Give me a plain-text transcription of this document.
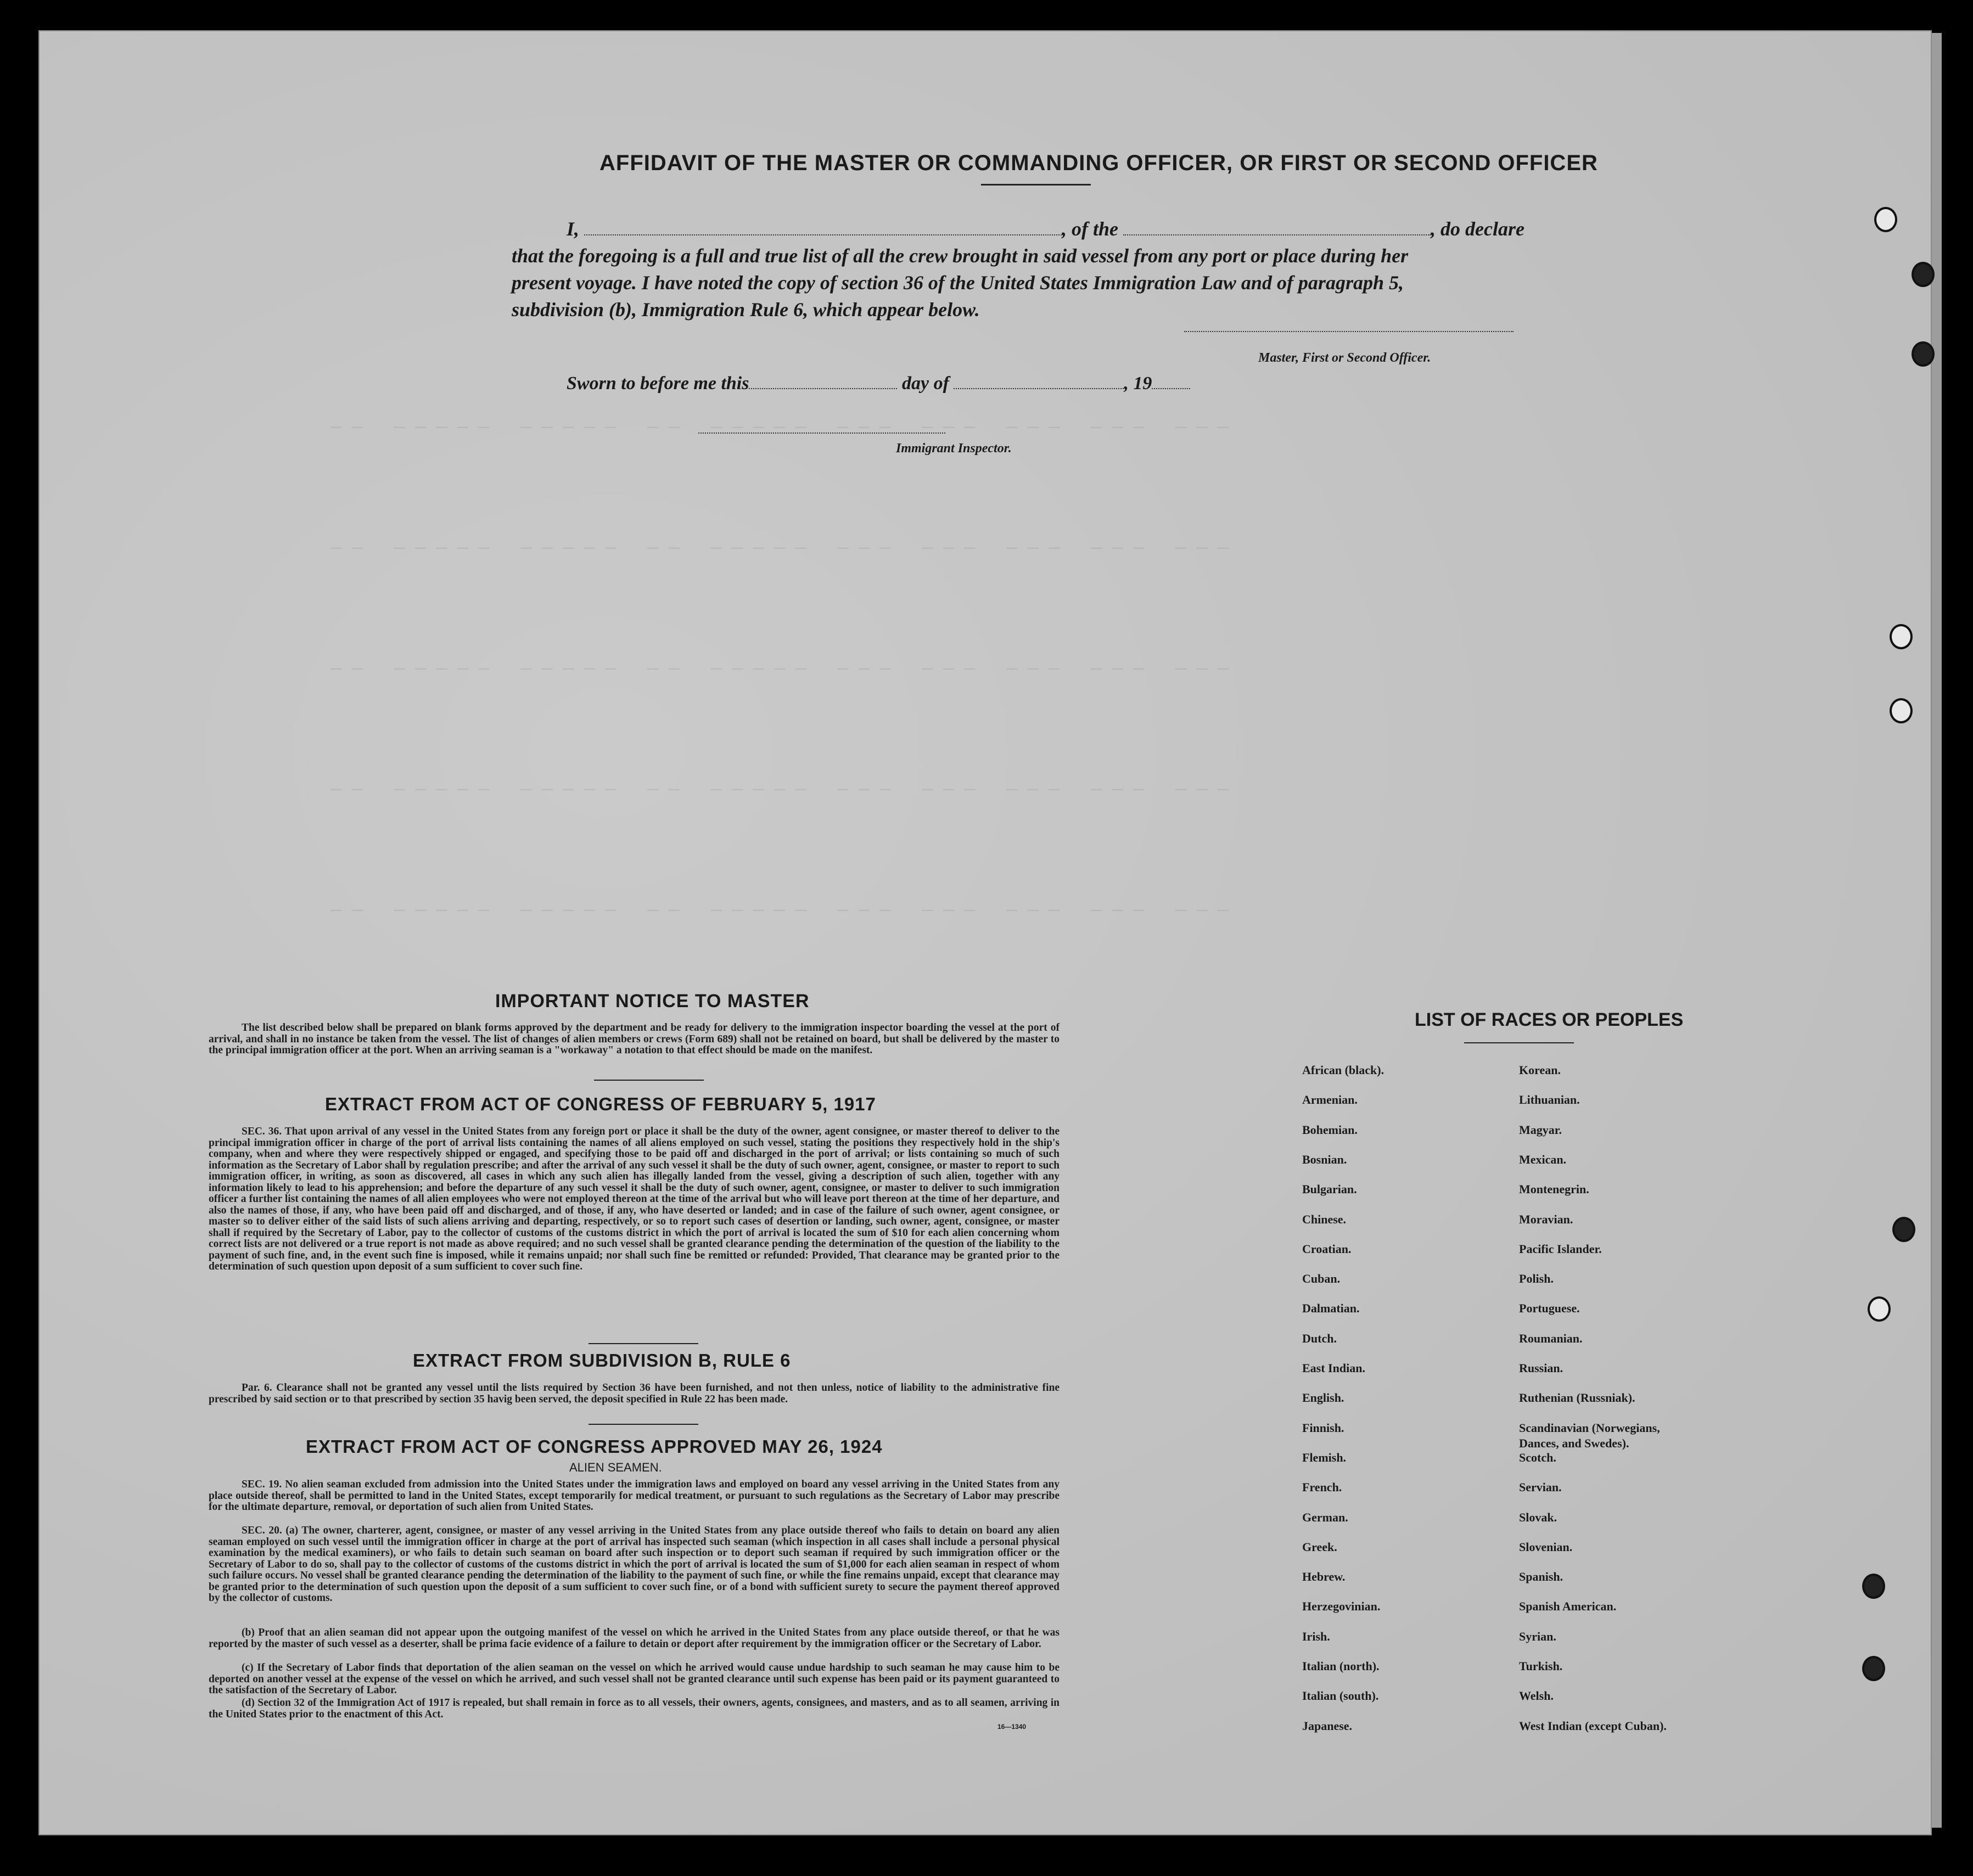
—— ————— ————— —— ————— ——— ——— ——— ——— ———
—— ————— ————— —— ————— ——— ——— ——— ——— ———
—— ————— ————— —— ————— ——— ——— ——— ——— ———
—— ————— ————— —— ————— ——— ——— ——— ——— ———
—— ————— ————— —— ————— ——— ——— ——— ——— ———
AFFIDAVIT OF THE MASTER OR COMMANDING OFFICER, OR FIRST OR SECOND OFFICER
I,	, of the	, do declare
that the foregoing is a full and true list of all the crew brought in said vessel from any port or place during her
present voyage. I have noted the copy of section 36 of the United States Immigration Law and of paragraph 5,
subdivision (b), Immigration Rule 6, which appear below.
Master, First or Second Officer.
Sworn to before me this	day of	, 19
Immigrant Inspector.
IMPORTANT NOTICE TO MASTER
The list described below shall be prepared on blank forms approved by the department and be ready for delivery to the immigration inspector boarding the vessel at the port of arrival, and shall in no instance be taken from the vessel. The list of changes of alien members or crews (Form 689) shall not be retained on board, but shall be delivered by the master to the principal immigration officer at the port. When an arriving seaman is a "workaway" a notation to that effect should be made on the manifest.
EXTRACT FROM ACT OF CONGRESS OF FEBRUARY 5, 1917
SEC. 36. That upon arrival of any vessel in the United States from any foreign port or place it shall be the duty of the owner, agent consignee, or master thereof to deliver to the principal immigration officer in charge of the port of arrival lists containing the names of all aliens employed on such vessel, stating the positions they respectively hold in the ship's company, when and where they were respectively shipped or engaged, and specifying those to be paid off and discharged in the port of arrival; or lists containing so much of such information as the Secretary of Labor shall by regulation prescribe; and after the arrival of any such vessel it shall be the duty of such owner, agent, consignee, or master to report to such immigration officer, in writing, as soon as discovered, all cases in which any such alien has illegally landed from the vessel, giving a description of such alien, together with any information likely to lead to his apprehension; and before the departure of any such vessel it shall be the duty of such owner, agent, consignee, or master to deliver to such immigration officer a further list containing the names of all alien employees who were not employed thereon at the time of the arrival but who will leave port thereon at the time of her departure, and also the names of those, if any, who have been paid off and discharged, and of those, if any, who have deserted or landed; and in case of the failure of such owner, agent consignee, or master so to deliver either of the said lists of such aliens arriving and departing, respectively, or so to report such cases of desertion or landing, such owner, agent, consignee, or master shall if required by the Secretary of Labor, pay to the collector of customs of the customs district in which the port of arrival is located the sum of $10 for each alien concerning whom correct lists are not delivered or a true report is not made as above required; and no such vessel shall be granted clearance pending the determination of the question of the liability to the payment of such fine, and, in the event such fine is imposed, while it remains unpaid; nor shall such fine be remitted or refunded: Provided, That clearance may be granted prior to the determination of such question upon deposit of a sum sufficient to cover such fine.
EXTRACT FROM SUBDIVISION B, RULE 6
Par. 6. Clearance shall not be granted any vessel until the lists required by Section 36 have been furnished, and not then unless, notice of liability to the administrative fine prescribed by said section or to that prescribed by section 35 havig been served, the deposit specified in Rule 22 has been made.
EXTRACT FROM ACT OF CONGRESS APPROVED MAY 26, 1924
ALIEN SEAMEN.
SEC. 19. No alien seaman excluded from admission into the United States under the immigration laws and employed on board any vessel arriving in the United States from any place outside thereof, shall be permitted to land in the United States, except temporarily for medical treatment, or pursuant to such regulations as the Secretary of Labor may prescribe for the ultimate departure, removal, or deportation of such alien from United States.
SEC. 20. (a) The owner, charterer, agent, consignee, or master of any vessel arriving in the United States from any place outside thereof who fails to detain on board any alien seaman employed on such vessel until the immigration officer in charge at the port of arrival has inspected such seaman (which inspection in all cases shall include a personal physical examination by the medical examiners), or who fails to detain such seaman on board after such inspection or to deport such seaman if required by such immigration officer or the Secretary of Labor to do so, shall pay to the collector of customs of the customs district in which the port of arrival is located the sum of $1,000 for each alien seaman in respect of whom such failure occurs. No vessel shall be granted clearance pending the determination of the liability to the payment of such fine, or while the fine remains unpaid, except that clearance may be granted prior to the determination of such question upon the deposit of a sum sufficient to cover such fine, or of a bond with sufficient surety to secure the payment thereof approved by the collector of customs.
(b) Proof that an alien seaman did not appear upon the outgoing manifest of the vessel on which he arrived in the United States from any place outside thereof, or that he was reported by the master of such vessel as a deserter, shall be prima facie evidence of a failure to detain or deport after requirement by the immigration officer or the Secretary of Labor.
(c) If the Secretary of Labor finds that deportation of the alien seaman on the vessel on which he arrived would cause undue hardship to such seaman he may cause him to be deported on another vessel at the expense of the vessel on which he arrived, and such vessel shall not be granted clearance until such expense has been paid or its payment guaranteed to the satisfaction of the Secretary of Labor.
(d) Section 32 of the Immigration Act of 1917 is repealed, but shall remain in force as to all vessels, their owners, agents, consignees, and masters, and as to all seamen, arriving in the United States prior to the enactment of this Act.
16—1340
LIST OF RACES OR PEOPLES
African (black).
Armenian.
Bohemian.
Bosnian.
Bulgarian.
Chinese.
Croatian.
Cuban.
Dalmatian.
Dutch.
East Indian.
English.
Finnish.
Flemish.
French.
German.
Greek.
Hebrew.
Herzegovinian.
Irish.
Italian (north).
Italian (south).
Japanese.
Korean.
Lithuanian.
Magyar.
Mexican.
Montenegrin.
Moravian.
Pacific Islander.
Polish.
Portuguese.
Roumanian.
Russian.
Ruthenian (Russniak).
Scandinavian (Norwegians,
Dances, and Swedes).
Scotch.
Servian.
Slovak.
Slovenian.
Spanish.
Spanish American.
Syrian.
Turkish.
Welsh.
West Indian (except Cuban).
